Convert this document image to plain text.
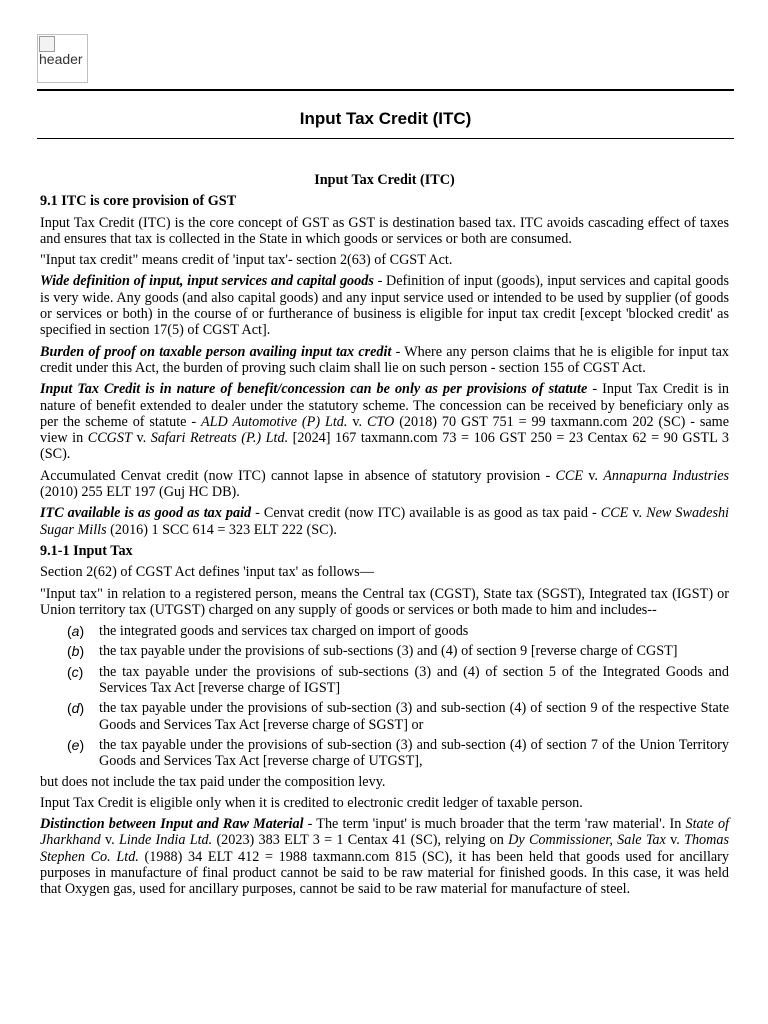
header
Input Tax Credit (ITC)

Input Tax Credit (ITC)

9.1 ITC is core provision of GST

Input Tax Credit (ITC) is the core concept of GST as GST is destination based tax. ITC avoids cascading effect of taxes and ensures that tax is collected in the State in which goods or services or both are consumed.

"Input tax credit" means credit of 'input tax'- section 2(63) of CGST Act.

Wide definition of input, input services and capital goods - Definition of input (goods), input services and capital goods is very wide. Any goods (and also capital goods) and any input service used or intended to be used by supplier (of goods or services or both) in the course of or furtherance of business is eligible for input tax credit [except 'blocked credit' as specified in section 17(5) of CGST Act].

Burden of proof on taxable person availing input tax credit - Where any person claims that he is eligible for input tax credit under this Act, the burden of proving such claim shall lie on such person - section 155 of CGST Act.

Input Tax Credit is in nature of benefit/concession can be only as per provisions of statute - Input Tax Credit is in nature of benefit extended to dealer under the statutory scheme. The concession can be received by beneficiary only as per the scheme of statute - ALD Automotive (P) Ltd. v. CTO (2018) 70 GST 751 = 99 taxmann.com 202 (SC) - same view in CCGST v. Safari Retreats (P.) Ltd. [2024] 167 taxmann.com 73 = 106 GST 250 = 23 Centax 62 = 90 GSTL 3 (SC).

Accumulated Cenvat credit (now ITC) cannot lapse in absence of statutory provision - CCE v. Annapurna Industries (2010) 255 ELT 197 (Guj HC DB).

ITC available is as good as tax paid - Cenvat credit (now ITC) available is as good as tax paid - CCE v. New Swadeshi Sugar Mills (2016) 1 SCC 614 = 323 ELT 222 (SC).

9.1-1 Input Tax

Section 2(62) of CGST Act defines 'input tax' as follows—

"Input tax" in relation to a registered person, means the Central tax (CGST), State tax (SGST), Integrated tax (IGST) or Union territory tax (UTGST) charged on any supply of goods or services or both made to him and includes--

(a)	the integrated goods and services tax charged on import of goods
(b)	the tax payable under the provisions of sub-sections (3) and (4) of section 9 [reverse charge of CGST]
(c)	the tax payable under the provisions of sub-sections (3) and (4) of section 5 of the Integrated Goods and Services Tax Act [reverse charge of IGST]
(d)	the tax payable under the provisions of sub-section (3) and sub-section (4) of section 9 of the respective State Goods and Services Tax Act [reverse charge of SGST] or
(e)	the tax payable under the provisions of sub-section (3) and sub-section (4) of section 7 of the Union Territory Goods and Services Tax Act [reverse charge of UTGST],

but does not include the tax paid under the composition levy.

Input Tax Credit is eligible only when it is credited to electronic credit ledger of taxable person.

Distinction between Input and Raw Material - The term 'input' is much broader that the term 'raw material'. In State of Jharkhand v. Linde India Ltd. (2023) 383 ELT 3 = 1 Centax 41 (SC), relying on Dy Commissioner, Sale Tax v. Thomas Stephen Co. Ltd. (1988) 34 ELT 412 = 1988 taxmann.com 815 (SC), it has been held that goods used for ancillary purposes in manufacture of final product cannot be said to be raw material for finished goods. In this case, it was held that Oxygen gas, used for ancillary purposes, cannot be said to be raw material for manufacture of steel.
